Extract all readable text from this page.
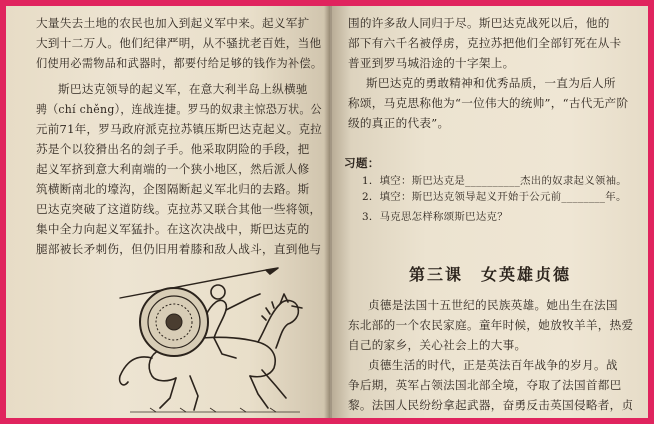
大量失去土地的农民也加入到起义军中来。起义军扩
大到十二万人。他们纪律严明，从不骚扰老百姓，当他
们使用必需物品和武器时，都要付给足够的钱作为补偿。
斯巴达克领导的起义军，在意大利半岛上纵横驰
骋（chí chěng），连战连捷。罗马的奴隶主惊恐万状。公
元前71年，罗马政府派克拉苏镇压斯巴达克起义。克拉
苏是个以狡猾出名的刽子手。他采取阴险的手段，把
起义军挤到意大利南端的一个狭小地区，然后派人修
筑横断南北的壕沟，企图隔断起义军北归的去路。斯
巴达克突破了这道防线。克拉苏又联合其他一些将领，
集中全力向起义军猛扑。在这次决战中，斯巴达克的
腿部被长矛刺伤，但仍旧用着膝和敌人战斗，直到他与
围的许多敌人同归于尽。斯巴达克战死以后，他的
部下有六千名被俘虏，克拉苏把他们全部钉死在从卡
普亚到罗马城沿途的十字架上。
斯巴达克的勇敢精神和优秀品质，一直为后人所
称颂，马克思称他为“一位伟大的统帅”，“古代无产阶
级的真正的代表”。
习题：
1．填空：斯巴达克是__________杰出的奴隶起义领袖。
2．填空：斯巴达克领导起义开始于公元前________年。
3．马克思怎样称颂斯巴达克？
第三课　女英雄贞德
贞德是法国十五世纪的民族英雄。她出生在法国
东北部的一个农民家庭。童年时候，她放牧羊羊，热爱
自己的家乡，关心社会上的大事。
贞德生活的时代，正是英法百年战争的岁月。战
争后期，英军占领法国北部全境，夺取了法国首都巴
黎。法国人民纷纷拿起武器，奋勇反击英国侵略者，贞
